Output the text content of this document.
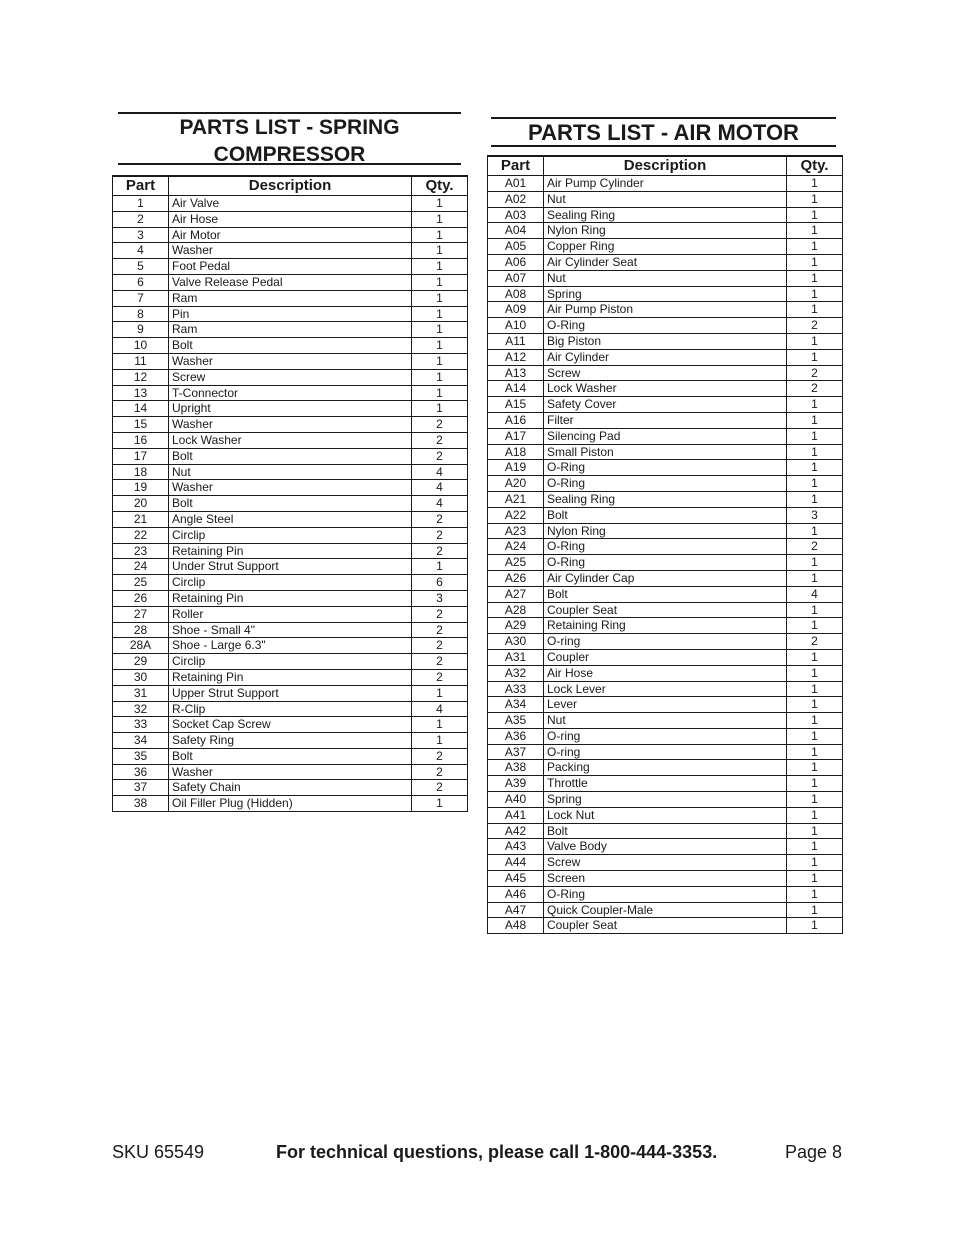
PARTS LIST - SPRING
COMPRESSOR
Part	Description	Qty.
1	Air Valve	1
2	Air Hose	1
3	Air Motor	1
4	Washer	1
5	Foot Pedal	1
6	Valve Release Pedal	1
7	Ram	1
8	Pin	1
9	Ram	1
10	Bolt	1
11	Washer	1
12	Screw	1
13	T-Connector	1
14	Upright	1
15	Washer	2
16	Lock Washer	2
17	Bolt	2
18	Nut	4
19	Washer	4
20	Bolt	4
21	Angle Steel	2
22	Circlip	2
23	Retaining Pin	2
24	Under Strut Support	1
25	Circlip	6
26	Retaining Pin	3
27	Roller	2
28	Shoe - Small 4"	2
28A	Shoe - Large 6.3"	2
29	Circlip	2
30	Retaining Pin	2
31	Upper Strut Support	1
32	R-Clip	4
33	Socket Cap Screw	1
34	Safety Ring	1
35	Bolt	2
36	Washer	2
37	Safety Chain	2
38	Oil Filler Plug (Hidden)	1
PARTS LIST - AIR MOTOR
Part	Description	Qty.
A01	Air Pump Cylinder	1
A02	Nut	1
A03	Sealing Ring	1
A04	Nylon Ring	1
A05	Copper Ring	1
A06	Air Cylinder Seat	1
A07	Nut	1
A08	Spring	1
A09	Air Pump Piston	1
A10	O-Ring	2
A11	Big Piston	1
A12	Air Cylinder	1
A13	Screw	2
A14	Lock Washer	2
A15	Safety Cover	1
A16	Filter	1
A17	Silencing Pad	1
A18	Small Piston	1
A19	O-Ring	1
A20	O-Ring	1
A21	Sealing Ring	1
A22	Bolt	3
A23	Nylon Ring	1
A24	O-Ring	2
A25	O-Ring	1
A26	Air Cylinder Cap	1
A27	Bolt	4
A28	Coupler Seat	1
A29	Retaining Ring	1
A30	O-ring	2
A31	Coupler	1
A32	Air Hose	1
A33	Lock Lever	1
A34	Lever	1
A35	Nut	1
A36	O-ring	1
A37	O-ring	1
A38	Packing	1
A39	Throttle	1
A40	Spring	1
A41	Lock Nut	1
A42	Bolt	1
A43	Valve Body	1
A44	Screw	1
A45	Screen	1
A46	O-Ring	1
A47	Quick Coupler-Male	1
A48	Coupler Seat	1
SKU 65549	For technical questions, please call 1-800-444-3353.	Page 8
